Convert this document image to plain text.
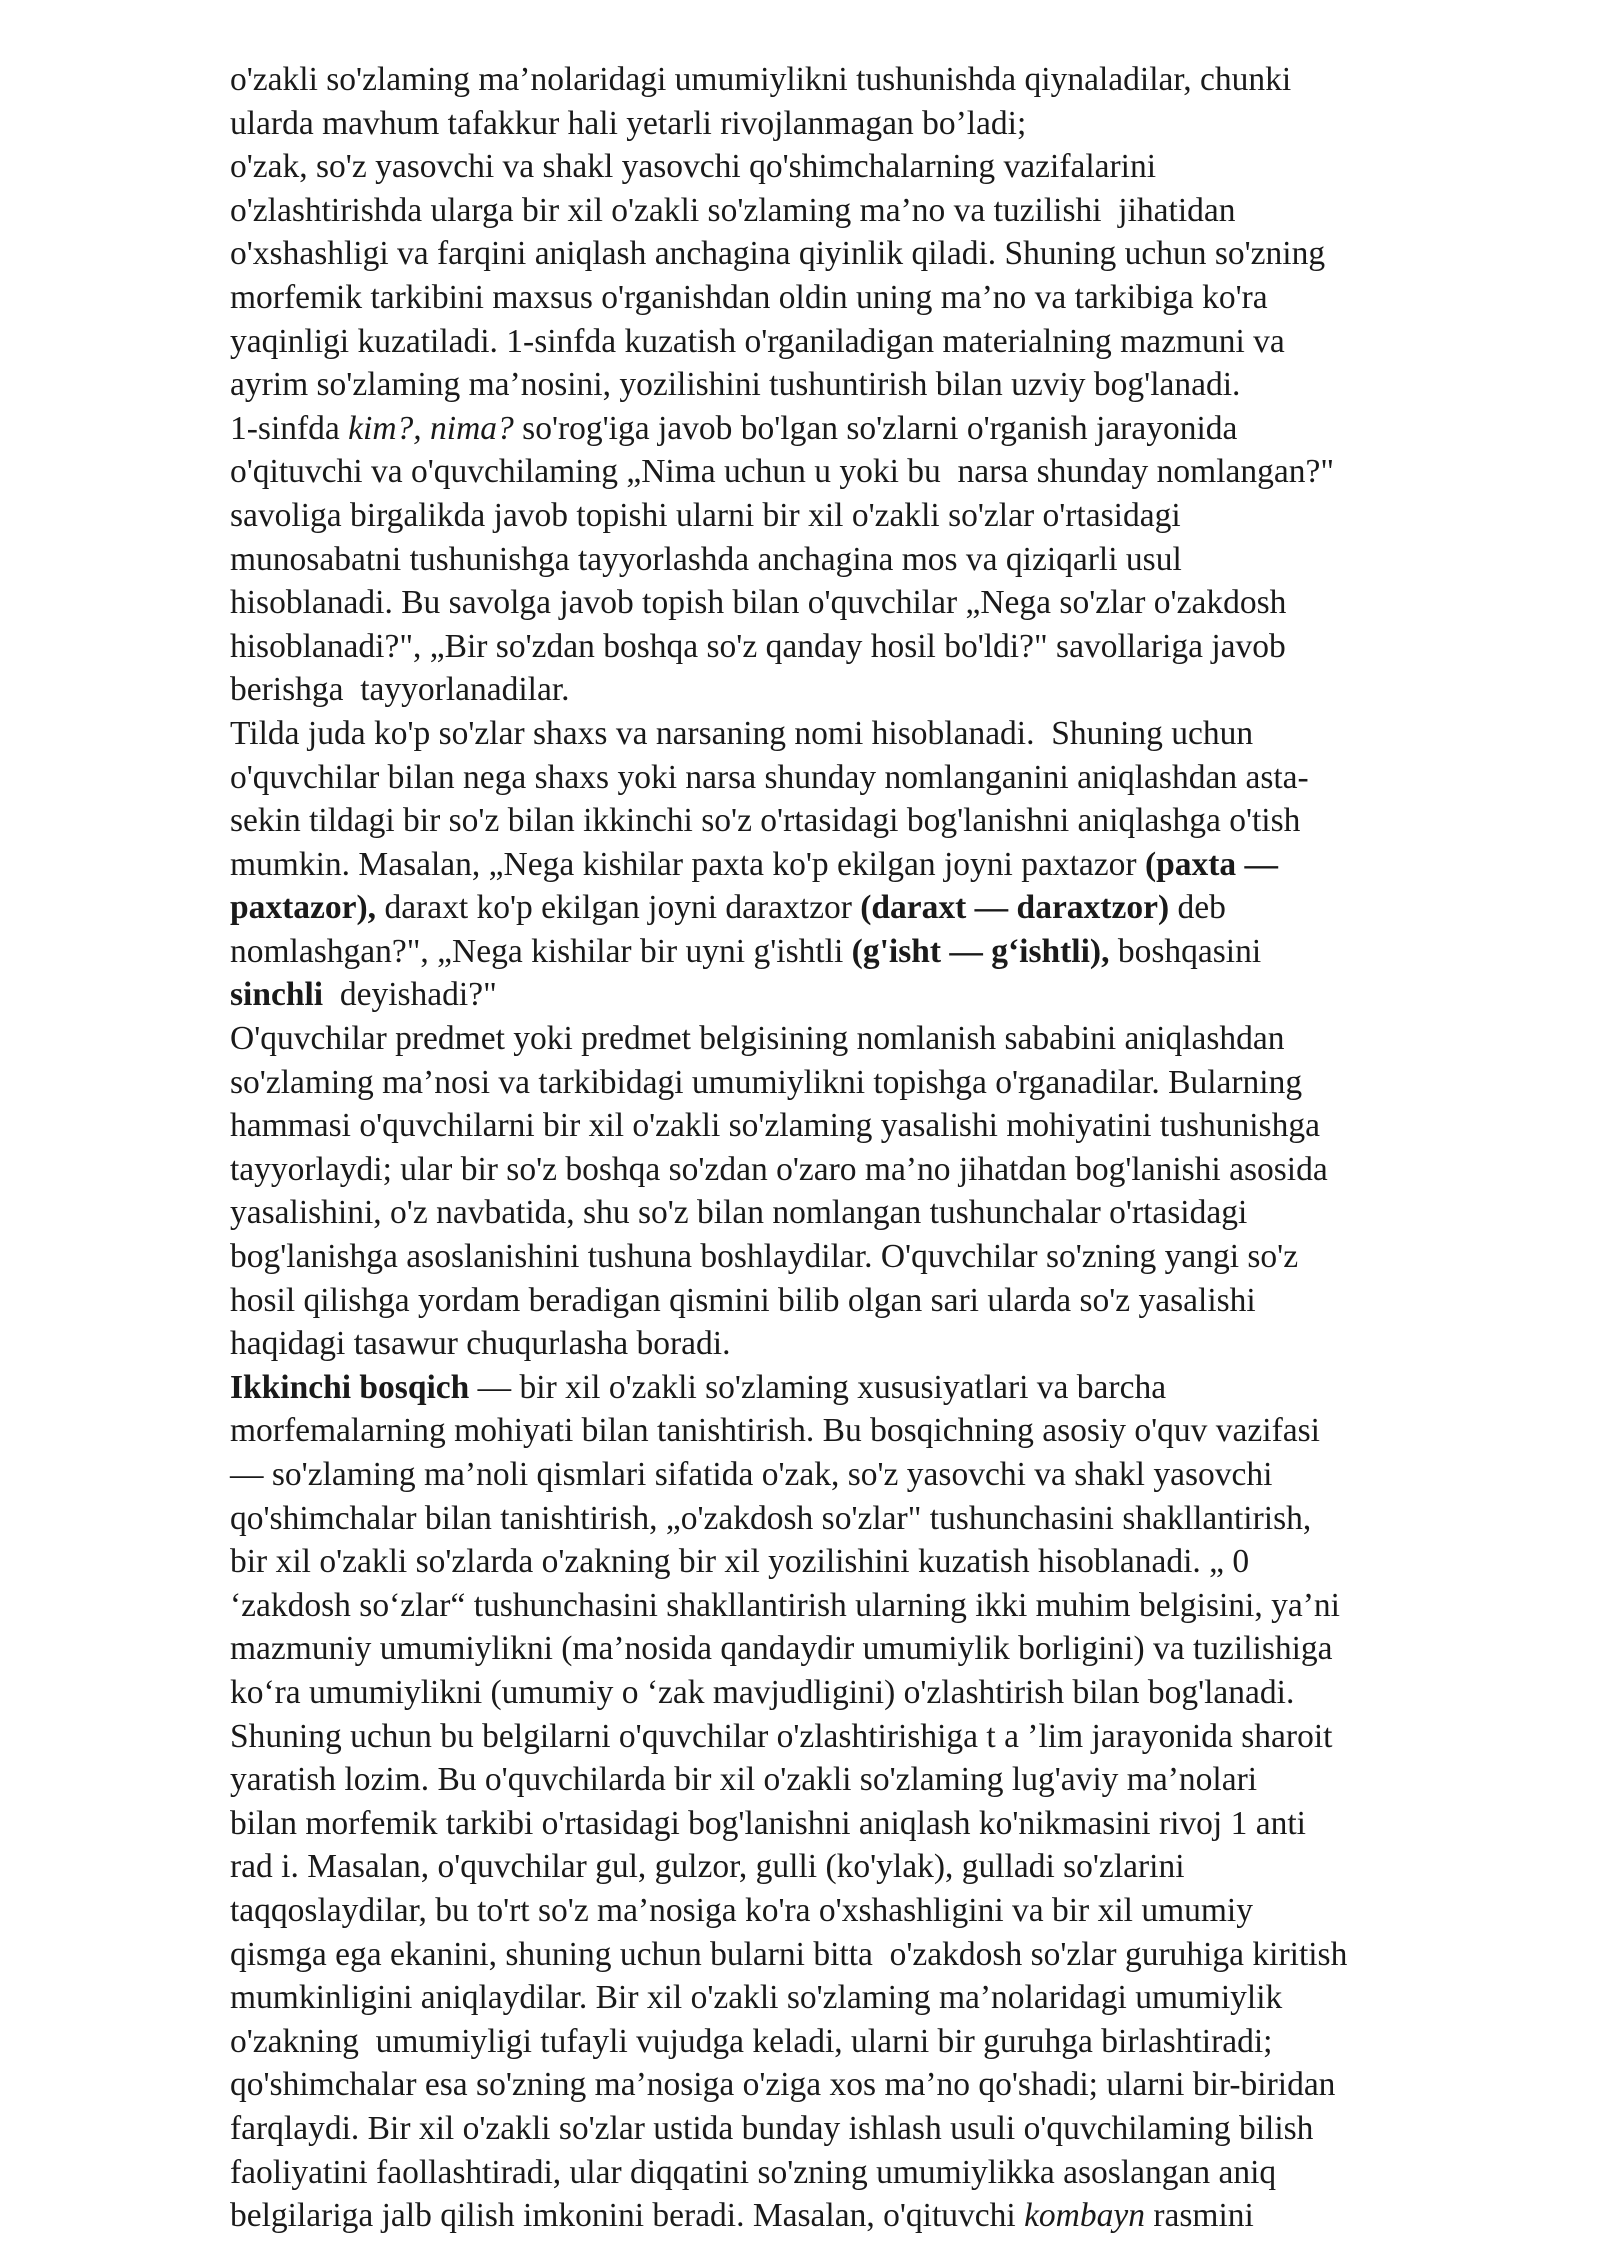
o'zakli so'zlaming ma’nolaridagi umumiylikni tushunishda qiynaladilar, chunki
ularda mavhum tafakkur hali yetarli rivojlanmagan bo’ladi;
o'zak, so'z yasovchi va shakl yasovchi qo'shimchalarning vazifalarini
o'zlashtirishda ularga bir xil o'zakli so'zlaming ma’no va tuzilishi  jihatidan
o'xshashligi va farqini aniqlash anchagina qiyinlik qiladi. Shuning uchun so'zning
morfemik tarkibini maxsus o'rganishdan oldin uning ma’no va tarkibiga ko'ra
yaqinligi kuzatiladi. 1-sinfda kuzatish o'rganiladigan materialning mazmuni va
ayrim so'zlaming ma’nosini, yozilishini tushuntirish bilan uzviy bog'lanadi.
1-sinfda kim?, nima? so'rog'iga javob bo'lgan so'zlarni o'rganish jarayonida
o'qituvchi va o'quvchilaming „Nima uchun u yoki bu  narsa shunday nomlangan?"
savoliga birgalikda javob topishi ularni bir xil o'zakli so'zlar o'rtasidagi
munosabatni tushunishga tayyorlashda anchagina mos va qiziqarli usul
hisoblanadi. Bu savolga javob topish bilan o'quvchilar „Nega so'zlar o'zakdosh
hisoblanadi?", „Bir so'zdan boshqa so'z qanday hosil bo'ldi?" savollariga javob
berishga  tayyorlanadilar.
Tilda juda ko'p so'zlar shaxs va narsaning nomi hisoblanadi.  Shuning uchun
o'quvchilar bilan nega shaxs yoki narsa shunday nomlanganini aniqlashdan asta-
sekin tildagi bir so'z bilan ikkinchi so'z o'rtasidagi bog'lanishni aniqlashga o'tish
mumkin. Masalan, „Nega kishilar paxta ko'p ekilgan joyni paxtazor (paxta —
paxtazor), daraxt ko'p ekilgan joyni daraxtzor (daraxt — daraxtzor) deb
nomlashgan?", „Nega kishilar bir uyni g'ishtli (g'isht — g‘ishtli), boshqasini
sinchli  deyishadi?"
O'quvchilar predmet yoki predmet belgisining nomlanish sababini aniqlashdan
so'zlaming ma’nosi va tarkibidagi umumiylikni topishga o'rganadilar. Bularning
hammasi o'quvchilarni bir xil o'zakli so'zlaming yasalishi mohiyatini tushunishga
tayyorlaydi; ular bir so'z boshqa so'zdan o'zaro ma’no jihatdan bog'lanishi asosida
yasalishini, o'z navbatida, shu so'z bilan nomlangan tushunchalar o'rtasidagi
bog'lanishga asoslanishini tushuna boshlaydilar. O'quvchilar so'zning yangi so'z
hosil qilishga yordam beradigan qismini bilib olgan sari ularda so'z yasalishi
haqidagi tasawur chuqurlasha boradi.
Ikkinchi bosqich — bir xil o'zakli so'zlaming xususiyatlari va barcha
morfemalarning mohiyati bilan tanishtirish. Bu bosqichning asosiy o'quv vazifasi
— so'zlaming ma’noli qismlari sifatida o'zak, so'z yasovchi va shakl yasovchi
qo'shimchalar bilan tanishtirish, „o'zakdosh so'zlar" tushunchasini shakllantirish,
bir xil o'zakli so'zlarda o'zakning bir xil yozilishini kuzatish hisoblanadi. „ 0
‘zakdosh so‘zlar“ tushunchasini shakllantirish ularning ikki muhim belgisini, ya’ni
mazmuniy umumiylikni (ma’nosida qandaydir umumiylik borligini) va tuzilishiga
ko‘ra umumiylikni (umumiy o ‘zak mavjudligini) o'zlashtirish bilan bog'lanadi.
Shuning uchun bu belgilarni o'quvchilar o'zlashtirishiga t a ’lim jarayonida sharoit
yaratish lozim. Bu o'quvchilarda bir xil o'zakli so'zlaming lug'aviy ma’nolari
bilan morfemik tarkibi o'rtasidagi bog'lanishni aniqlash ko'nikmasini rivoj 1 anti
rad i. Masalan, o'quvchilar gul, gulzor, gulli (ko'ylak), gulladi so'zlarini
taqqoslaydilar, bu to'rt so'z ma’nosiga ko'ra o'xshashligini va bir xil umumiy
qismga ega ekanini, shuning uchun bularni bitta  o'zakdosh so'zlar guruhiga kiritish
mumkinligini aniqlaydilar. Bir xil o'zakli so'zlaming ma’nolaridagi umumiylik
o'zakning  umumiyligi tufayli vujudga keladi, ularni bir guruhga birlashtiradi;
qo'shimchalar esa so'zning ma’nosiga o'ziga xos ma’no qo'shadi; ularni bir-biridan
farqlaydi. Bir xil o'zakli so'zlar ustida bunday ishlash usuli o'quvchilaming bilish
faoliyatini faollashtiradi, ular diqqatini so'zning umumiylikka asoslangan aniq
belgilariga jalb qilish imkonini beradi. Masalan, o'qituvchi kombayn rasmini
